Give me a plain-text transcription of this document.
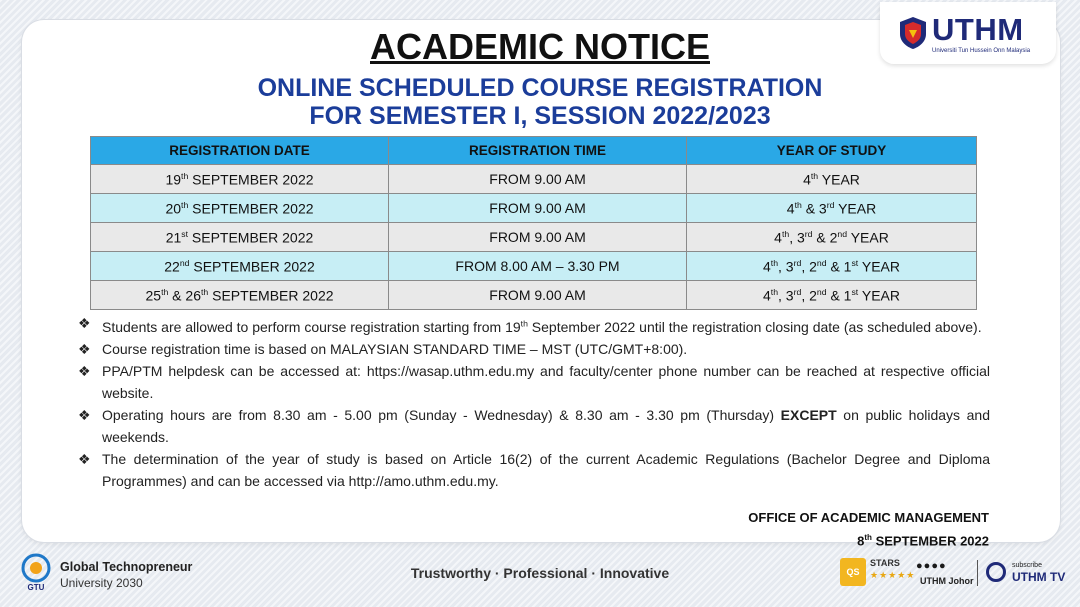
UTHM
Universiti Tun Hussein Onn Malaysia
ACADEMIC NOTICE
ONLINE SCHEDULED COURSE REGISTRATION
FOR SEMESTER I, SESSION 2022/2023
REGISTRATION DATE	REGISTRATION TIME	YEAR OF STUDY
19th SEPTEMBER 2022	FROM 9.00 AM	4th YEAR
20th SEPTEMBER 2022	FROM 9.00 AM	4th & 3rd YEAR
21st SEPTEMBER 2022	FROM 9.00 AM	4th, 3rd & 2nd YEAR
22nd SEPTEMBER 2022	FROM 8.00 AM – 3.30 PM	4th, 3rd, 2nd & 1st YEAR
25th & 26th SEPTEMBER 2022	FROM 9.00 AM	4th, 3rd, 2nd & 1st YEAR
❖ Students are allowed to perform course registration starting from 19th September 2022 until the registration closing date (as scheduled above).
❖ Course registration time is based on MALAYSIAN STANDARD TIME – MST (UTC/GMT+8:00).
❖ PPA/PTM helpdesk can be accessed at: https://wasap.uthm.edu.my and faculty/center phone number can be reached at respective official website.
❖ Operating hours are from 8.30 am - 5.00 pm (Sunday - Wednesday) & 8.30 am - 3.30 pm (Thursday) EXCEPT on public holidays and weekends.
❖ The determination of the year of study is based on Article 16(2) of the current Academic Regulations (Bachelor Degree and Diploma Programmes) and can be accessed via http://amo.uthm.edu.my.
OFFICE OF ACADEMIC MANAGEMENT
8th SEPTEMBER 2022
GTU
Global Technopreneur
University 2030
Trustworthy · Professional · Innovative	QS
STARS
★★★★★
●●●●
UTHM Johor
subscribe
UTHM TV
